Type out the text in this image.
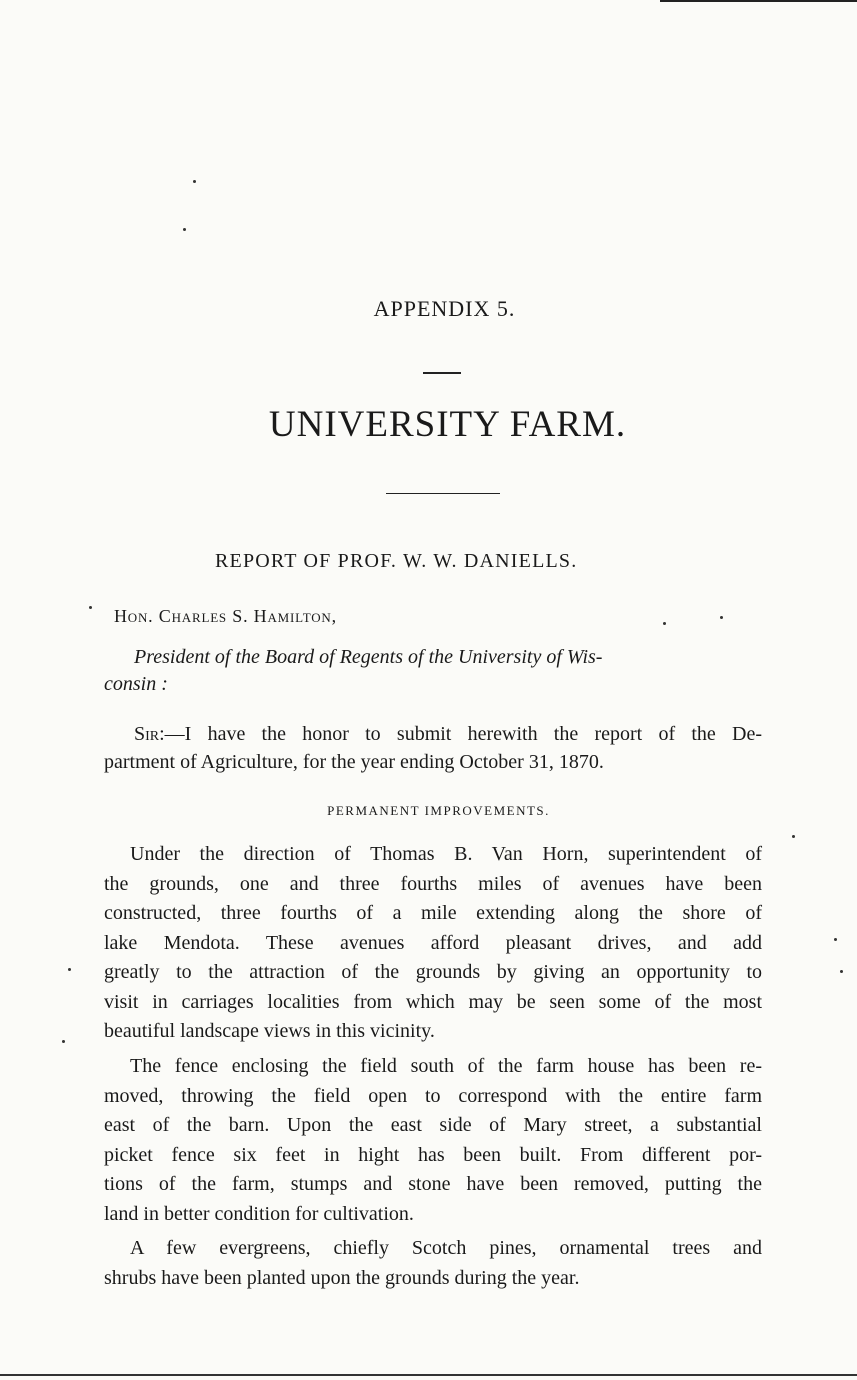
APPENDIX 5.
UNIVERSITY FARM.
REPORT OF PROF. W. W. DANIELLS.
Hon. Charles S. Hamilton,
President of the Board of Regents of the University of Wis-
consin :
Sir:—I have the honor to submit herewith the report of the De-
partment of Agriculture, for the year ending October 31, 1870.
PERMANENT IMPROVEMENTS.
Under the direction of Thomas B. Van Horn, superintendent of
the grounds, one and three fourths miles of avenues have been
constructed, three fourths of a mile extending along the shore of
lake Mendota. These avenues afford pleasant drives, and add
greatly to the attraction of the grounds by giving an opportunity to
visit in carriages localities from which may be seen some of the most
beautiful landscape views in this vicinity.
The fence enclosing the field south of the farm house has been re-
moved, throwing the field open to correspond with the entire farm
east of the barn. Upon the east side of Mary street, a substantial
picket fence six feet in hight has been built. From different por-
tions of the farm, stumps and stone have been removed, putting the
land in better condition for cultivation.
A few evergreens, chiefly Scotch pines, ornamental trees and
shrubs have been planted upon the grounds during the year.
